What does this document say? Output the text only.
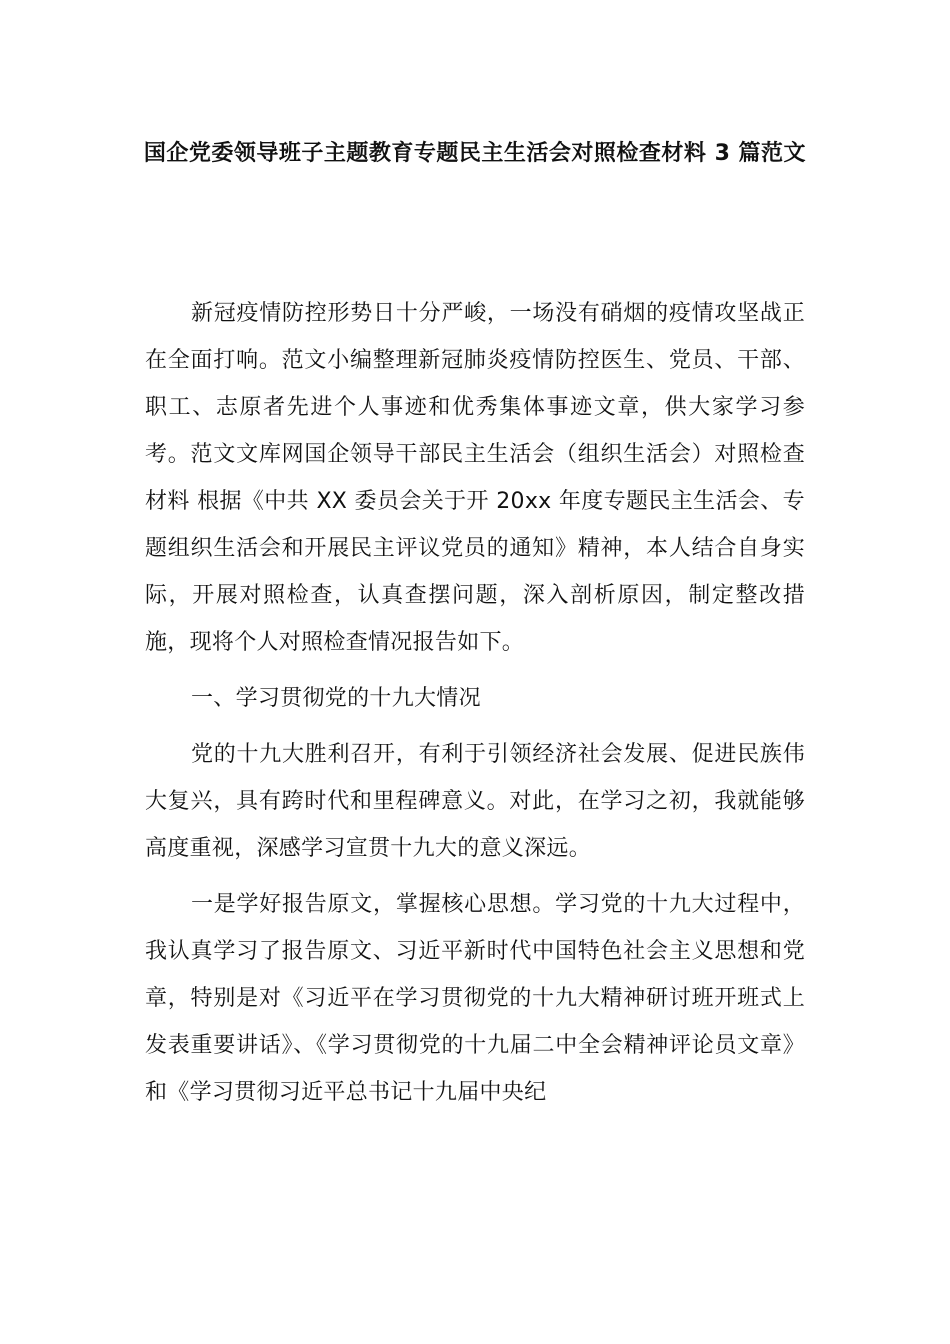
国企党委领导班子主题教育专题民主生活会对照检查材料 3 篇范文

新冠疫情防控形势日十分严峻，一场没有硝烟的疫情攻坚战正在全面打响。范文小编整理新冠肺炎疫情防控医生、党员、干部、职工、志原者先进个人事迹和优秀集体事迹文章，供大家学习参考。范文文库网国企领导干部民主生活会（组织生活会）对照检查材料 根据《中共 XX 委员会关于开 20xx 年度专题民主生活会、专题组织生活会和开展民主评议党员的通知》精神，本人结合自身实际，开展对照检查，认真查摆问题，深入剖析原因，制定整改措施，现将个人对照检查情况报告如下。

一、学习贯彻党的十九大情况

党的十九大胜利召开，有利于引领经济社会发展、促进民族伟大复兴，具有跨时代和里程碑意义。对此，在学习之初，我就能够高度重视，深感学习宣贯十九大的意义深远。

一是学好报告原文，掌握核心思想。学习党的十九大过程中，我认真学习了报告原文、习近平新时代中国特色社会主义思想和党章，特别是对《习近平在学习贯彻党的十九大精神研讨班开班式上发表重要讲话》、《学习贯彻党的十九届二中全会精神评论员文章》和《学习贯彻习近平总书记十九届中央纪
